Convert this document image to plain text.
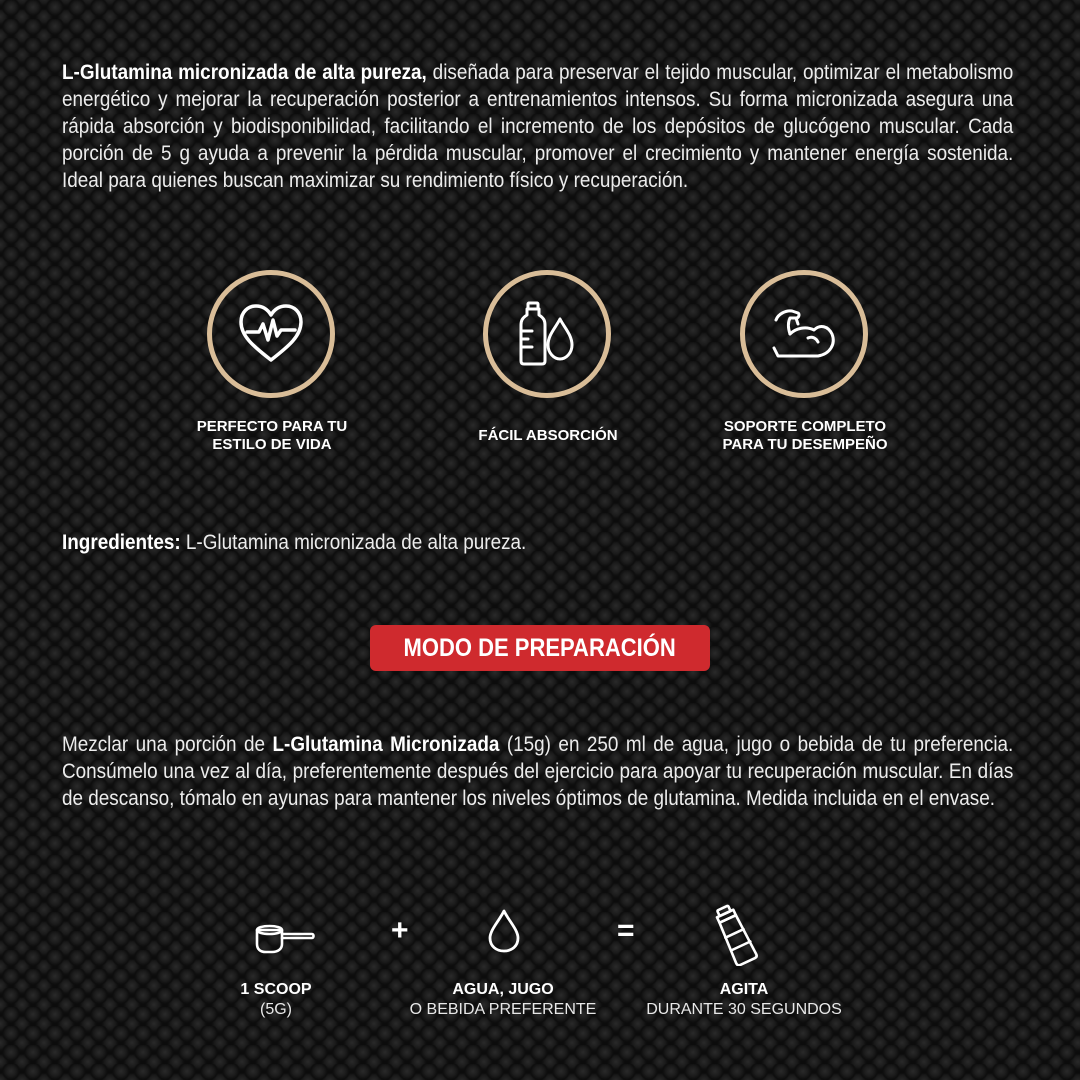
L-Glutamina micronizada de alta pureza, diseñada para preservar el tejido muscular, optimizar el metabolismo energético y mejorar la recuperación posterior a entrenamientos intensos. Su forma micronizada asegura una rápida absorción y biodisponibilidad, facilitando el incremento de los depósitos de glucógeno muscular. Cada porción de 5 g ayuda a prevenir la pérdida muscular, promover el crecimiento y mantener energía sostenida. Ideal para quienes buscan maximizar su rendimiento físico y recuperación.

PERFECTO PARA TU
ESTILO DE VIDA
FÁCIL ABSORCIÓN
SOPORTE COMPLETO
PARA TU DESEMPEÑO
Ingredientes: L-Glutamina micronizada de alta pureza.
MODO DE PREPARACIÓN

Mezclar una porción de L-Glutamina Micronizada (15g) en 250 ml de agua, jugo o bebida de tu preferencia. Consúmelo una vez al día, preferentemente después del ejercicio para apoyar tu recuperación muscular. En días de descanso, tómalo en ayunas para mantener los niveles óptimos de glutamina. Medida incluida en el envase.

+	=
1 SCOOP
(5G)
AGUA, JUGO
O BEBIDA PREFERENTE
AGITA
DURANTE 30 SEGUNDOS
